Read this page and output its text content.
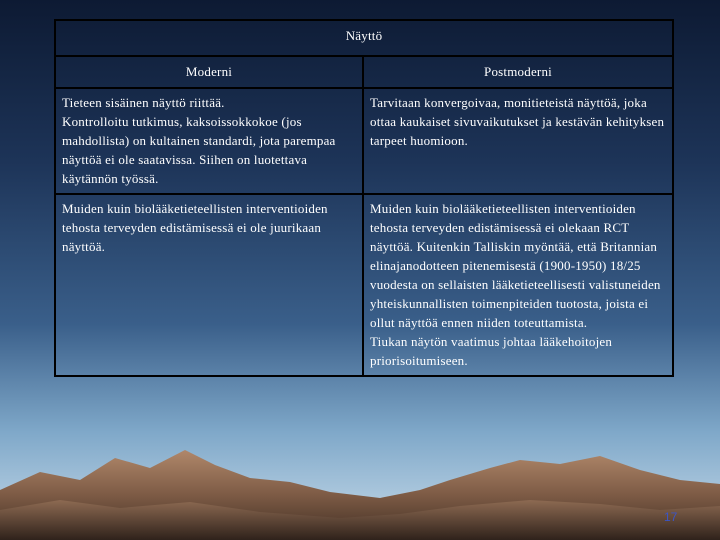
Näyttö	
Moderni	Postmoderni

Tieteen sisäinen näyttö riittää.
Kontrolloitu tutkimus, kaksoissokkokoe (jos mahdollista) on kultainen standardi, jota parempaa näyttöä ei ole saatavissa. Siihen on luotettava käytännön työssä.	Tarvitaan konvergoivaa, monitieteistä näyttöä, joka ottaa kaukaiset sivuvaikutukset ja kestävän kehityksen tarpeet huomioon.

Muiden kuin biolääketieteellisten interventioiden tehosta terveyden edistämisessä ei ole juurikaan näyttöä.	Muiden kuin biolääketieteellisten interventioiden tehosta terveyden edistämisessä ei olekaan RCT näyttöä. Kuitenkin Talliskin myöntää, että Britannian elinajanodotteen pitenemisestä (1900-1950) 18/25 vuodesta on sellaisten lääketieteellisesti valistuneiden yhteiskunnallisten toimenpiteiden tuotosta, joista ei ollut näyttöä ennen niiden toteuttamista.
Tiukan näytön vaatimus johtaa lääkehoitojen priorisoitumiseen.
17
